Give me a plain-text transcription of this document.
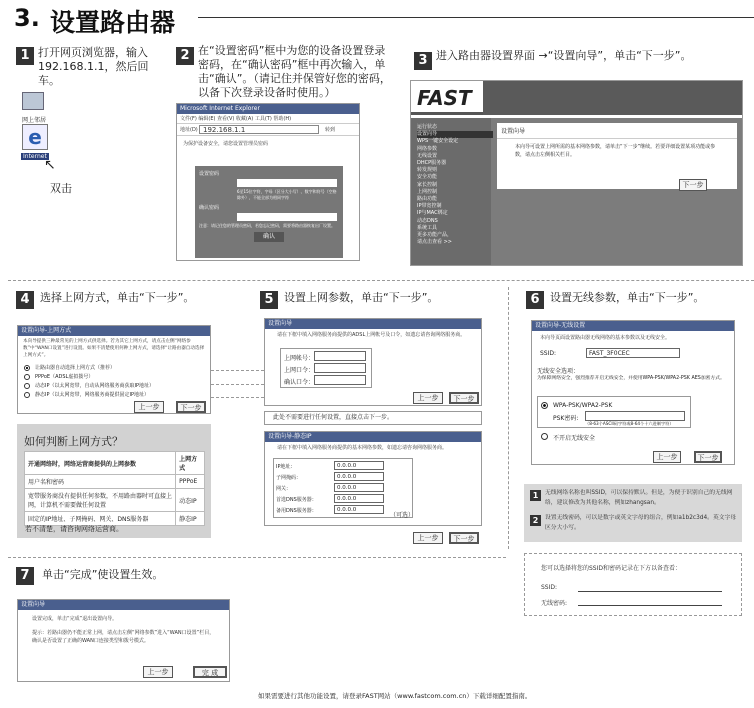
3. 设置路由器
1 打开网页浏览器，输入192.168.1.1，然后回车。
网上邻居
e
Internet
↖
双击
2 在“设置密码”框中为您的设备设置登录密码，在“确认密码”框中再次输入，单击“确认”。（请记住并保管好您的密码，以备下次登录设备时使用。）
Microsoft Internet Explorer
文件(F) 编辑(E) 查看(V) 收藏(A) 工具(T) 帮助(H)
地址(D) 192.168.1.1	转到
为保护设备安全，请您设置管理员密码
设置密码
6至15位字符，字母（区分大小写）、数字和符号（空格除外），不能全部为相同字符
确认密码
注意：请记住您的管理员密码，若您忘记密码，需要将路由器恢复出厂设置。
确认
3 进入路由器设置界面 →“设置向导”，单击“下一步”。
FAST
设置向导
本向导可设置上网所需的基本网络参数，请单击“下一步”继续。若要详细设置某项功能或参数，请点击左侧相关栏目。
下一步
运行状态
设置向导
WPS一键安全设定
网络参数
无线设置
DHCP服务器
转发规则
安全功能
家长控制
上网控制
路由功能
IP带宽控制
IP与MAC绑定
动态DNS
系统工具
更多功能产品，
请点击查看 >>
4 选择上网方式，单击“下一步”。
设置向导-上网方式
本向导提供三种最常见的上网方式供选择。若为其它上网方式，请点击左侧“网络参数”中“WAN口设置”进行设置。如果不清楚使用何种上网方式，请选择“让路由器自动选择上网方式”。
让路由器自动选择上网方式（推荐）
PPPoE（ADSL虚拟拨号）
动态IP（以太网宽带，自动从网络服务商获取IP地址）
静态IP（以太网宽带，网络服务商提供固定IP地址）
上一步	下一步
如何判断上网方式？
开通网络时，网络运营商提供的上网参数	上网方式
用户名和密码	PPPoE
宽带服务商没有提供任何参数，不用路由器时可直接上网，计算机不需要做任何设置	动态IP
固定的IP地址、子网掩码、网关、DNS服务器	静态IP
若不清楚，请咨询网络运营商。
5 设置上网参数，单击“下一步”。
设置向导
请在下框中填入网络服务商提供的ADSL上网帐号及口令，如遗忘请咨询网络服务商。
上网帐号：
上网口令：
确认口令：
上一步	下一步
此处不需要进行任何设置，直接点击下一步。
设置向导-静态IP
请在下框中填入网络服务商提供的基本网络参数，如遗忘请咨询网络服务商。
IP地址：	0.0.0.0
子网掩码：	0.0.0.0
网关：	0.0.0.0
首选DNS服务器：	0.0.0.0
备用DNS服务器：	0.0.0.0
（可选）
上一步	下一步
6 设置无线参数，单击“下一步”。
设置向导-无线设置
本向导页面设置路由器无线网络的基本参数以及无线安全。
SSID:	FAST_3F0CEC
无线安全选项：
为保障网络安全，强烈推荐开启无线安全，并使用WPA-PSK/WPA2-PSK AES加密方式。
WPA-PSK/WPA2-PSK
PSK密码:
（8-63个ASCII码字符或8-64个十六进制字符）
不开启无线安全
上一步	下一步
1	无线网络名称也叫SSID，可以保持默认。但是，为便于识别自己的无线网络，建议修改为其他名称，例如zhangsan。
2	设置无线密码，可以是数字或英文字母的组合，例如a1b2c3d4。英文字母区分大小写。
您可以选择将您的SSID和密码记录在下方以备查看：
SSID:
无线密码:
7	单击“完成”使设置生效。
设置向导
设置完成，单击“完成”退出设置向导。
提示：若路由器仍不能正常上网，请点击左侧“网络参数”进入“WAN口设置”栏目，确认是否设置了正确的WAN口连接类型和拨号模式。
上一步	完 成
如果需要进行其他功能设置，请登录FAST网站（www.fastcom.com.cn）下载详细配置指南。
